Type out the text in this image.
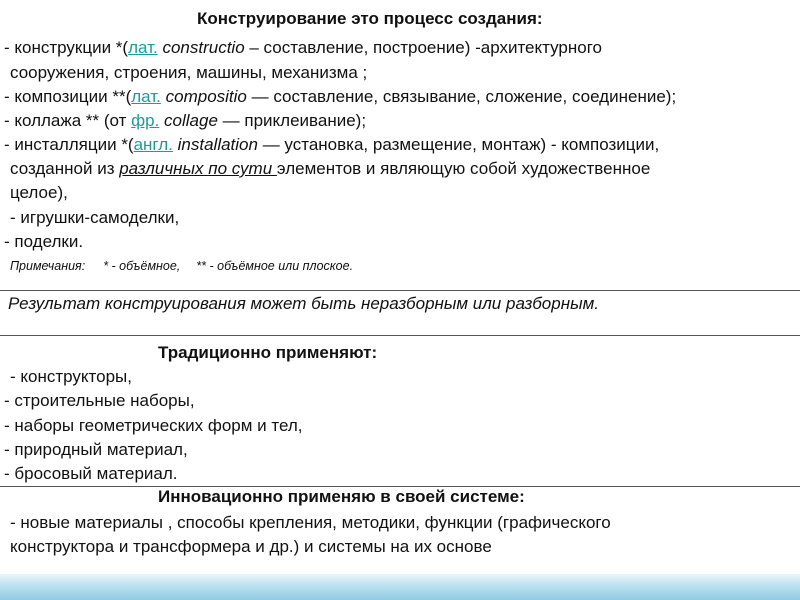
Конструирование это процесс создания:
- конструкции *(лат. constructio – составление, построение) -архитектурного
сооружения, строения, машины, механизма ;
- композиции **(лат. compositio — составление, связывание, сложение, соединение);
- коллажа ** (от фр. collage — приклеивание);
- инсталляции *(англ. installation — установка, размещение, монтаж) - композиции,
созданной из различных по сути элементов и являющую собой художественное
целое),
- игрушки-самоделки,
- поделки.
Примечания: * - объёмное, ** - объёмное или плоское.
Результат конструирования может быть неразборным или разборным.
Традиционно применяют:
- конструкторы,
- строительные наборы,
- наборы геометрических форм и тел,
- природный материал,
- бросовый материал.
Инновационно применяю в своей системе:
- новые материалы , способы крепления, методики, функции (графического
конструктора и трансформера и др.) и системы на их основе
